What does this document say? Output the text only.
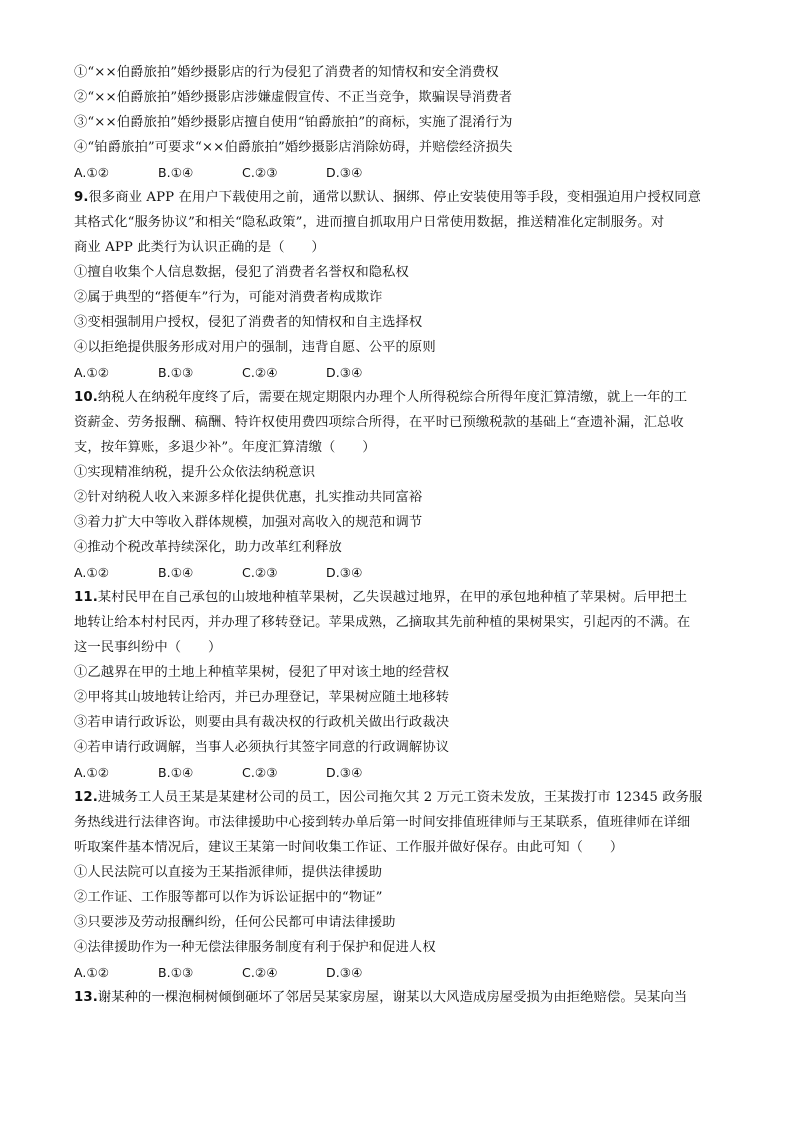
①“××伯爵旅拍”婚纱摄影店的行为侵犯了消费者的知情权和安全消费权
②“××伯爵旅拍”婚纱摄影店涉嫌虚假宣传、不正当竞争，欺骗误导消费者
③“××伯爵旅拍”婚纱摄影店擅自使用“铂爵旅拍”的商标，实施了混淆行为
④“铂爵旅拍”可要求“××伯爵旅拍”婚纱摄影店消除妨碍，并赔偿经济损失
A.①②	B.①④	C.②③	D.③④
9.很多商业 APP 在用户下载使用之前，通常以默认、捆绑、停止安装使用等手段，变相强迫用户授权同意
其格式化“服务协议”和相关“隐私政策”，进而擅自抓取用户日常使用数据，推送精准化定制服务。对
商业 APP 此类行为认识正确的是（　　）
①擅自收集个人信息数据，侵犯了消费者名誉权和隐私权
②属于典型的“搭便车”行为，可能对消费者构成欺诈
③变相强制用户授权，侵犯了消费者的知情权和自主选择权
④以拒绝提供服务形成对用户的强制，违背自愿、公平的原则
A.①②	B.①③	C.②④	D.③④
10.纳税人在纳税年度终了后，需要在规定期限内办理个人所得税综合所得年度汇算清缴，就上一年的工
资薪金、劳务报酬、稿酬、特许权使用费四项综合所得，在平时已预缴税款的基础上“查遗补漏，汇总收
支，按年算账，多退少补”。年度汇算清缴（　　）
①实现精准纳税，提升公众依法纳税意识
②针对纳税人收入来源多样化提供优惠，扎实推动共同富裕
③着力扩大中等收入群体规模，加强对高收入的规范和调节
④推动个税改革持续深化，助力改革红利释放
A.①②	B.①④	C.②③	D.③④
11.某村民甲在自己承包的山坡地种植苹果树，乙失误越过地界，在甲的承包地种植了苹果树。后甲把土
地转让给本村村民丙，并办理了移转登记。苹果成熟，乙摘取其先前种植的果树果实，引起丙的不满。在
这一民事纠纷中（　　）
①乙越界在甲的土地上种植苹果树，侵犯了甲对该土地的经营权
②甲将其山坡地转让给丙，并已办理登记，苹果树应随土地移转
③若申请行政诉讼，则要由具有裁决权的行政机关做出行政裁决
④若申请行政调解，当事人必须执行其签字同意的行政调解协议
A.①②	B.①④	C.②③	D.③④
12.进城务工人员王某是某建材公司的员工，因公司拖欠其 2 万元工资未发放，王某拨打市 12345 政务服
务热线进行法律咨询。市法律援助中心接到转办单后第一时间安排值班律师与王某联系，值班律师在详细
听取案件基本情况后，建议王某第一时间收集工作证、工作服并做好保存。由此可知（　　）
①人民法院可以直接为王某指派律师，提供法律援助
②工作证、工作服等都可以作为诉讼证据中的“物证”
③只要涉及劳动报酬纠纷，任何公民都可申请法律援助
④法律援助作为一种无偿法律服务制度有利于保护和促进人权
A.①②	B.①③	C.②④	D.③④
13.谢某种的一棵泡桐树倾倒砸坏了邻居吴某家房屋，谢某以大风造成房屋受损为由拒绝赔偿。吴某向当
